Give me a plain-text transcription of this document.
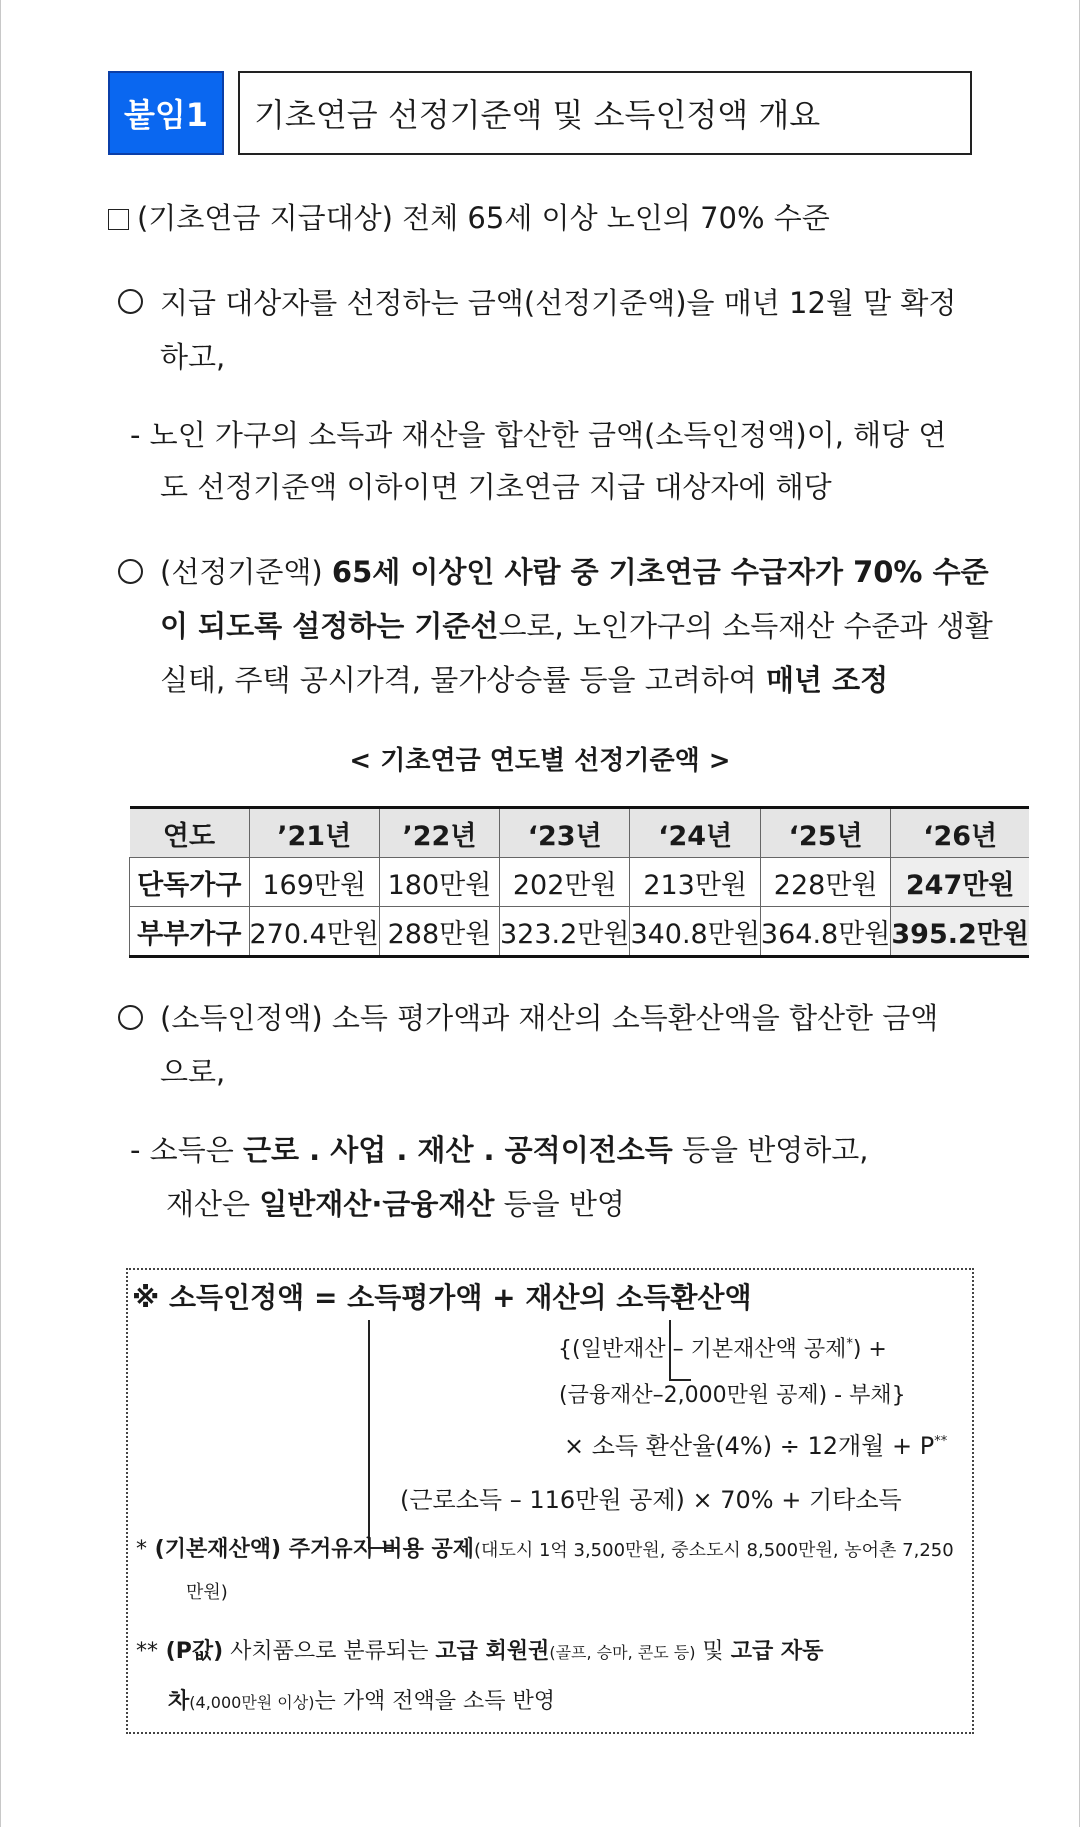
붙임1	기초연금 선정기준액 및 소득인정액 개요
(기초연금 지급대상) 전체 65세 이상 노인의 70% 수준
지급 대상자를 선정하는 금액(선정기준액)을 매년 12월 말 확정
하고,
- 노인 가구의 소득과 재산을 합산한 금액(소득인정액)이, 해당 연
도 선정기준액 이하이면 기초연금 지급 대상자에 해당
(선정기준액) 65세 이상인 사람 중 기초연금 수급자가 70% 수준
이 되도록 설정하는 기준선으로, 노인가구의 소득재산 수준과 생활
실태, 주택 공시가격, 물가상승률 등을 고려하여 매년 조정
< 기초연금 연도별 선정기준액 >
연도	’21년	’22년	‘23년	‘24년	‘25년	‘26년
단독가구	169만원	180만원	202만원	213만원	228만원	247만원
부부가구	270.4만원	288만원	323.2만원	340.8만원	364.8만원	395.2만원
(소득인정액) 소득 평가액과 재산의 소득환산액을 합산한 금액
으로,
- 소득은 근로 . 사업 . 재산 . 공적이전소득 등을 반영하고,
재산은 일반재산·금융재산 등을 반영
※ 소득인정액 = 소득평가액 + 재산의 소득환산액
{(일반재산 – 기본재산액 공제*) +
(금융재산–2,000만원 공제) - 부채}
× 소득 환산율(4%) ÷ 12개월 + P**
(근로소득 – 116만원 공제) × 70% + 기타소득
* (기본재산액) 주거유지 비용 공제(대도시 1억 3,500만원, 중소도시 8,500만원, 농어촌 7,250
만원)
** (P값) 사치품으로 분류되는 고급 회원권(골프, 승마, 콘도 등) 및 고급 자동
차(4,000만원 이상)는 가액 전액을 소득 반영
